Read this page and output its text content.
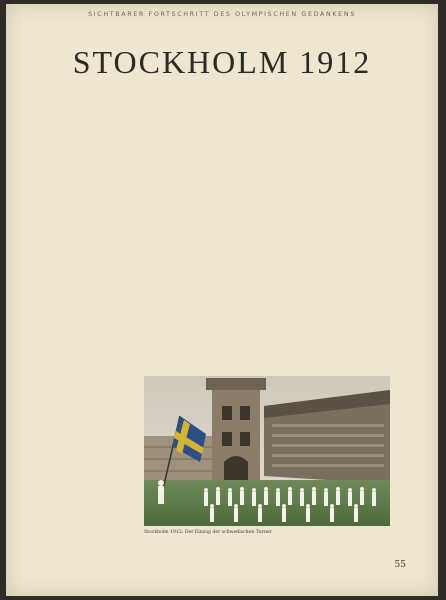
SICHTBARER FORTSCHRITT DES OLYMPISCHEN GEDANKENS
STOCKHOLM 1912
Stockholm 1912: Der Einzug der schwedischen Turner
55
